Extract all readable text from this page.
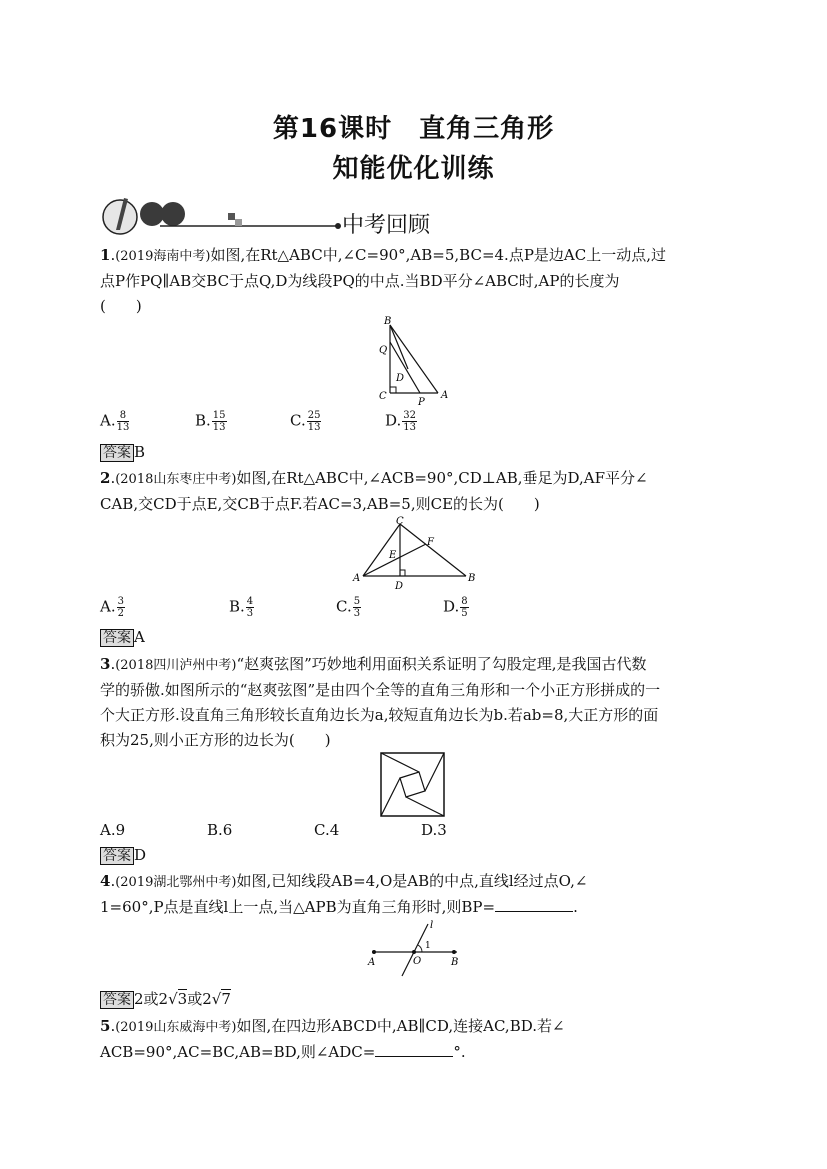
第16课时　直角三角形
知能优化训练
中考回顾
1.(2019海南中考)如图,在Rt△ABC中,∠C=90°,AB=5,BC=4.点P是边AC上一动点,过
点P作PQ∥AB交BC于点Q,D为线段PQ的中点.当BD平分∠ABC时,AP的长度为
(　　)
B
Q
D
C
P
A
A. $\frac{8}{13}$	B. $\frac{15}{13}$	C. $\frac{25}{13}$	D. $\frac{32}{13}$
答案 B
2.(2018山东枣庄中考)如图,在Rt△ABC中,∠ACB=90°,CD⊥AB,垂足为D,AF平分∠
CAB,交CD于点E,交CB于点F.若AC=3,AB=5,则CE的长为(　　)
C
F
E
A
D
B
A. $\frac{3}{2}$	B. $\frac{4}{3}$	C. $\frac{5}{3}$	D. $\frac{8}{5}$
答案 A
3.(2018四川泸州中考)“赵爽弦图”巧妙地利用面积关系证明了勾股定理,是我国古代数
学的骄傲.如图所示的“赵爽弦图”是由四个全等的直角三角形和一个小正方形拼成的一
个大正方形.设直角三角形较长直角边长为a,较短直角边长为b.若ab=8,大正方形的面
积为25,则小正方形的边长为(　　)
A.9	B.6	C.4	D.3
答案 D
4.(2019湖北鄂州中考)如图,已知线段AB=4,O是AB的中点,直线l经过点O,∠
1=60°,P点是直线l上一点,当△APB为直角三角形时,则BP=	.
l
1
A	O	B
答案 2或2√3或2√7
5.(2019山东威海中考)如图,在四边形ABCD中,AB∥CD,连接AC,BD.若∠
ACB=90°,AC=BC,AB=BD,则∠ADC=	°.
